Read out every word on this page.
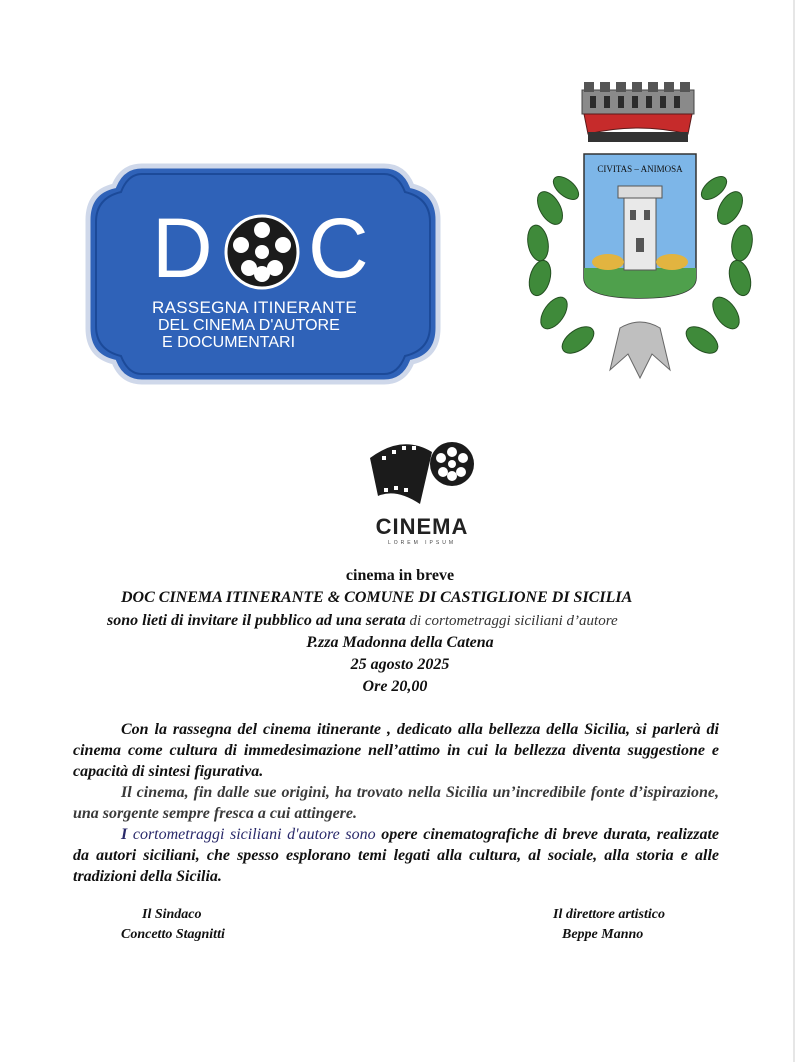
D C
RASSEGNA ITINERANTE
DEL CINEMA D'AUTORE
E DOCUMENTARI
CIVITAS – ANIMOSA
CINEMA
LOREM IPSUM
cinema in breve
DOC CINEMA ITINERANTE & COMUNE DI CASTIGLIONE DI SICILIA
sono lieti di invitare il pubblico ad una serata di cortometraggi siciliani d’autore
P.zza Madonna della Catena
25 agosto 2025
Ore 20,00
Con la rassegna del cinema itinerante , dedicato alla bellezza della Sicilia, si parlerà di cinema come cultura di immedesimazione nell’attimo in cui la bellezza diventa suggestione e capacità di sintesi figurativa.
Il cinema, fin dalle sue origini, ha trovato nella Sicilia un’incredibile fonte d’ispirazione, una sorgente sempre fresca a cui attingere.
I cortometraggi siciliani d'autore sono opere cinematografiche di breve durata, realizzate da autori siciliani, che spesso esplorano temi legati alla cultura, al sociale, alla storia e alle tradizioni della Sicilia.
Il Sindaco
Concetto Stagnitti
Il direttore artistico
Beppe Manno
